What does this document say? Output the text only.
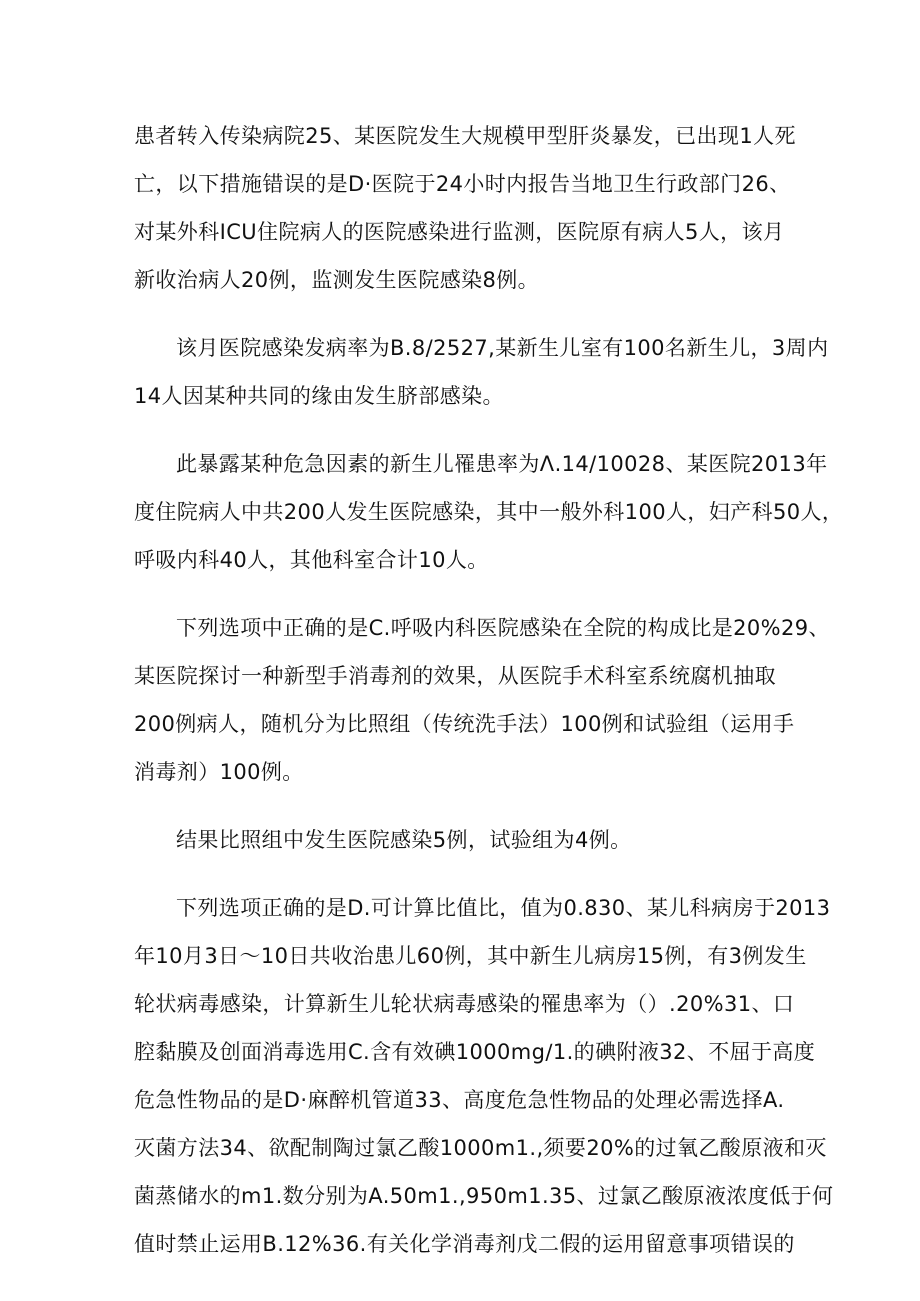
患者转入传染病院25、某医院发生大规模甲型肝炎暴发，已出现1人死
亡，以下措施错误的是D·医院于24小时内报告当地卫生行政部门26、
对某外科ICU住院病人的医院感染进行监测，医院原有病人5人，该月
新收治病人20例，监测发生医院感染8例。
该月医院感染发病率为B.8/2527,某新生儿室有100名新生儿，3周内
14人因某种共同的缘由发生脐部感染。
此暴露某种危急因素的新生儿罹患率为Λ.14/10028、某医院2013年
度住院病人中共200人发生医院感染，其中一般外科100人，妇产科50人，
呼吸内科40人，其他科室合计10人。
下列选项中正确的是C.呼吸内科医院感染在全院的构成比是20%29、
某医院探讨一种新型手消毒剂的效果，从医院手术科室系统腐机抽取
200例病人，随机分为比照组（传统洗手法）100例和试验组（运用手
消毒剂）100例。
结果比照组中发生医院感染5例，试验组为4例。
下列选项正确的是D.可计算比值比，值为0.830、某儿科病房于2013
年10月3日～10日共收治患儿60例，其中新生儿病房15例，有3例发生
轮状病毒感染，计算新生儿轮状病毒感染的罹患率为（）.20%31、口
腔黏膜及创面消毒选用C.含有效碘1000mg∕1.的碘附液32、不屈于高度
危急性物品的是D·麻醉机管道33、高度危急性物品的处理必需选择A.
灭菌方法34、欲配制陶过氯乙酸1000m1.,须要20%的过氧乙酸原液和灭
菌蒸储水的m1.数分别为A.50m1.,950m1.35、过氯乙酸原液浓度低于何
值时禁止运用B.12%36.有关化学消毒剂戊二假的运用留意事项错误的
